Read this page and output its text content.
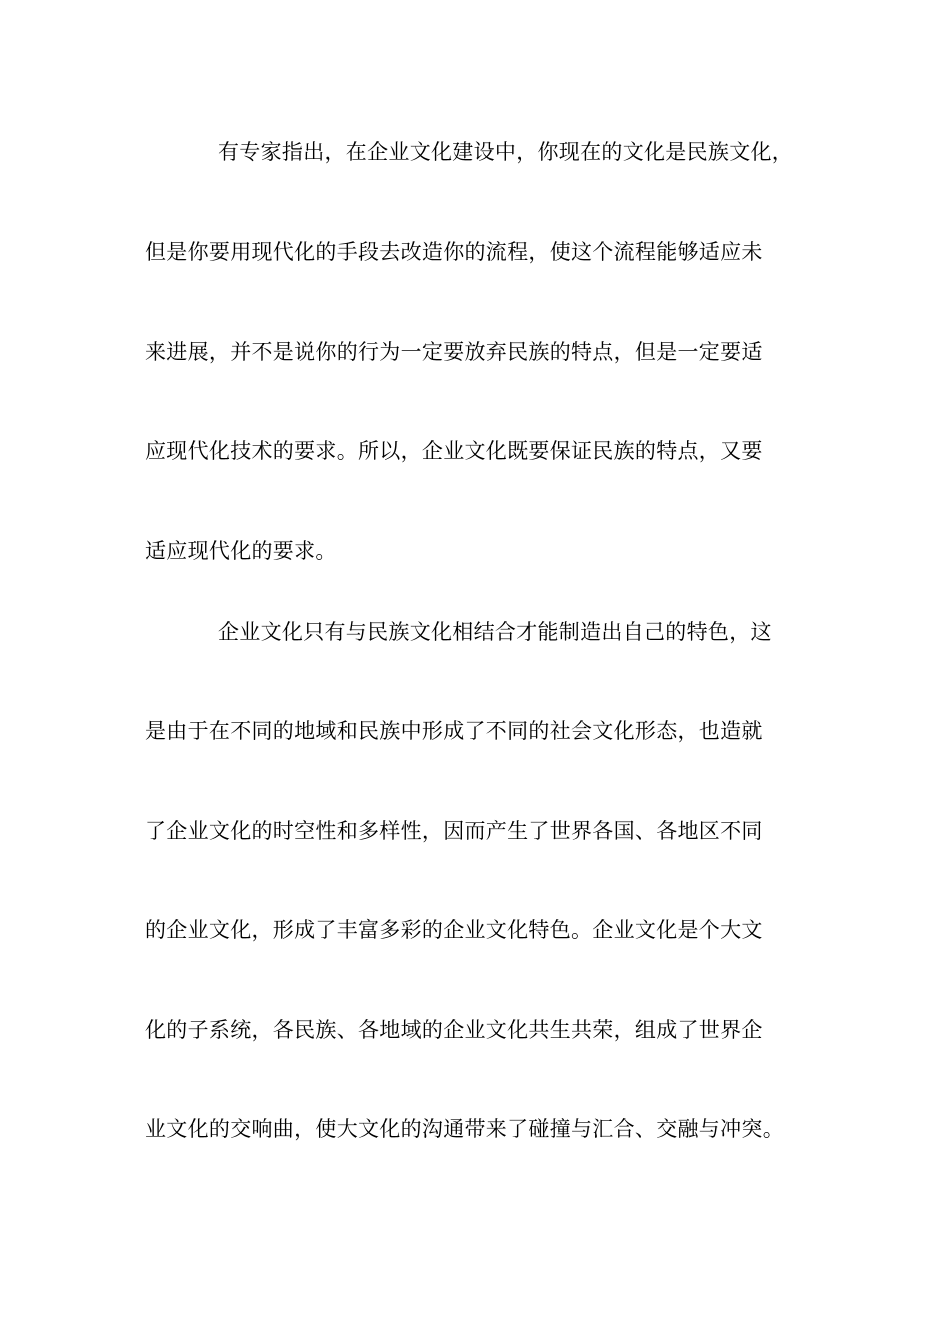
有专家指出，在企业文化建设中，你现在的文化是民族文化，
但是你要用现代化的手段去改造你的流程，使这个流程能够适应未
来进展，并不是说你的行为一定要放弃民族的特点，但是一定要适
应现代化技术的要求。所以，企业文化既要保证民族的特点，又要
适应现代化的要求。
企业文化只有与民族文化相结合才能制造出自己的特色，这
是由于在不同的地域和民族中形成了不同的社会文化形态，也造就
了企业文化的时空性和多样性，因而产生了世界各国、各地区不同
的企业文化，形成了丰富多彩的企业文化特色。企业文化是个大文
化的子系统，各民族、各地域的企业文化共生共荣，组成了世界企
业文化的交响曲，使大文化的沟通带来了碰撞与汇合、交融与冲突。
